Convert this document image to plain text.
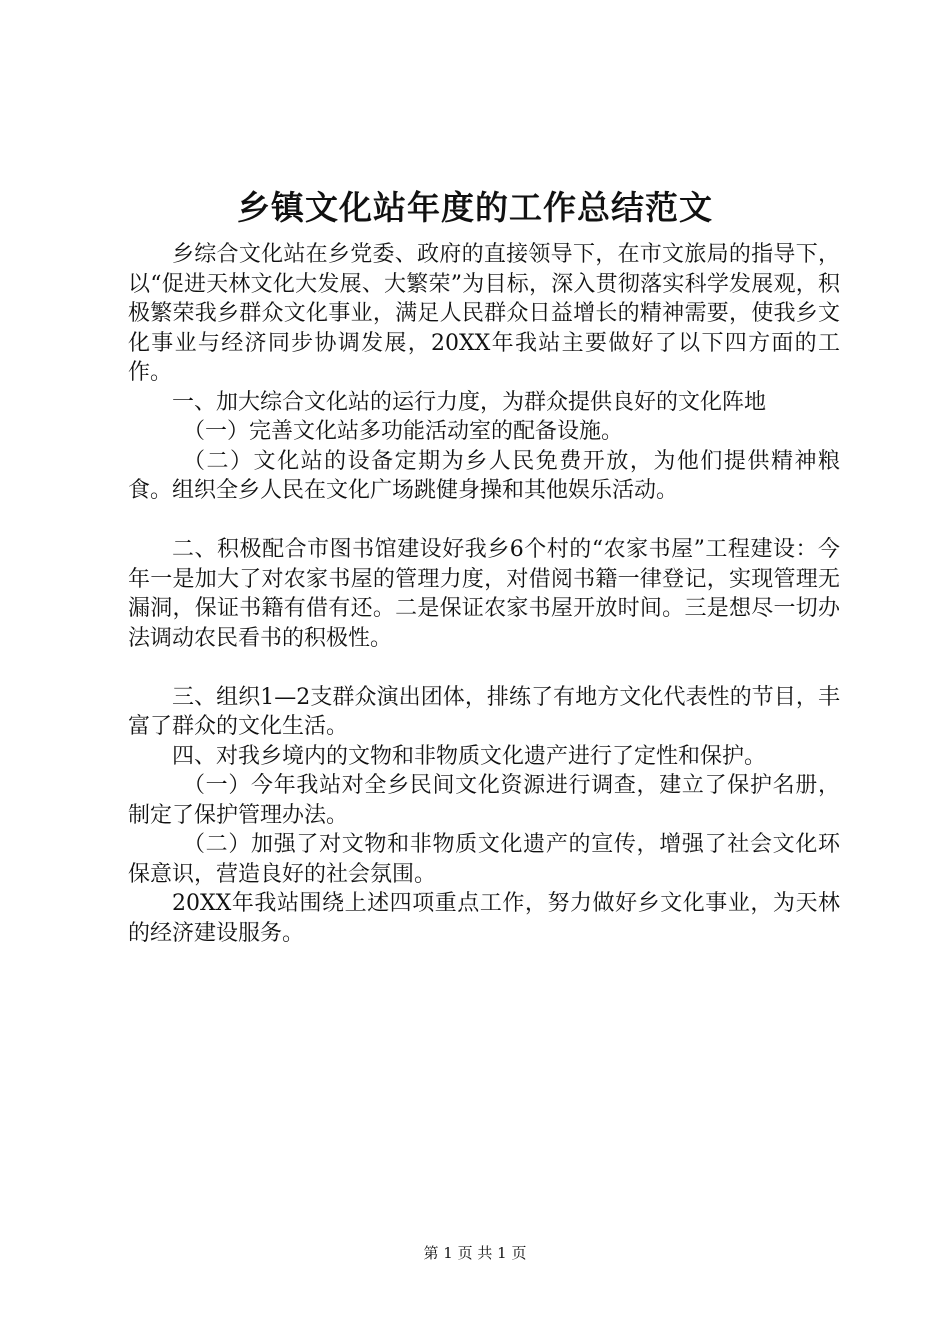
乡镇文化站年度的工作总结范文

乡综合文化站在乡党委、政府的直接领导下，在市文旅局的指导下，以“促进天林文化大发展、大繁荣”为目标，深入贯彻落实科学发展观，积极繁荣我乡群众文化事业，满足人民群众日益增长的精神需要，使我乡文化事业与经济同步协调发展，20XX年我站主要做好了以下四方面的工作。

一、加大综合文化站的运行力度，为群众提供良好的文化阵地

（一）完善文化站多功能活动室的配备设施。

（二）文化站的设备定期为乡人民免费开放，为他们提供精神粮食。组织全乡人民在文化广场跳健身操和其他娱乐活动。

二、积极配合市图书馆建设好我乡6个村的“农家书屋”工程建设：今年一是加大了对农家书屋的管理力度，对借阅书籍一律登记，实现管理无漏洞，保证书籍有借有还。二是保证农家书屋开放时间。三是想尽一切办法调动农民看书的积极性。

三、组织1—2支群众演出团体，排练了有地方文化代表性的节目，丰富了群众的文化生活。

四、对我乡境内的文物和非物质文化遗产进行了定性和保护。

（一）今年我站对全乡民间文化资源进行调查，建立了保护名册，制定了保护管理办法。

（二）加强了对文物和非物质文化遗产的宣传，增强了社会文化环保意识，营造良好的社会氛围。

20XX年我站围绕上述四项重点工作，努力做好乡文化事业，为天林的经济建设服务。

第 1 页 共 1 页
